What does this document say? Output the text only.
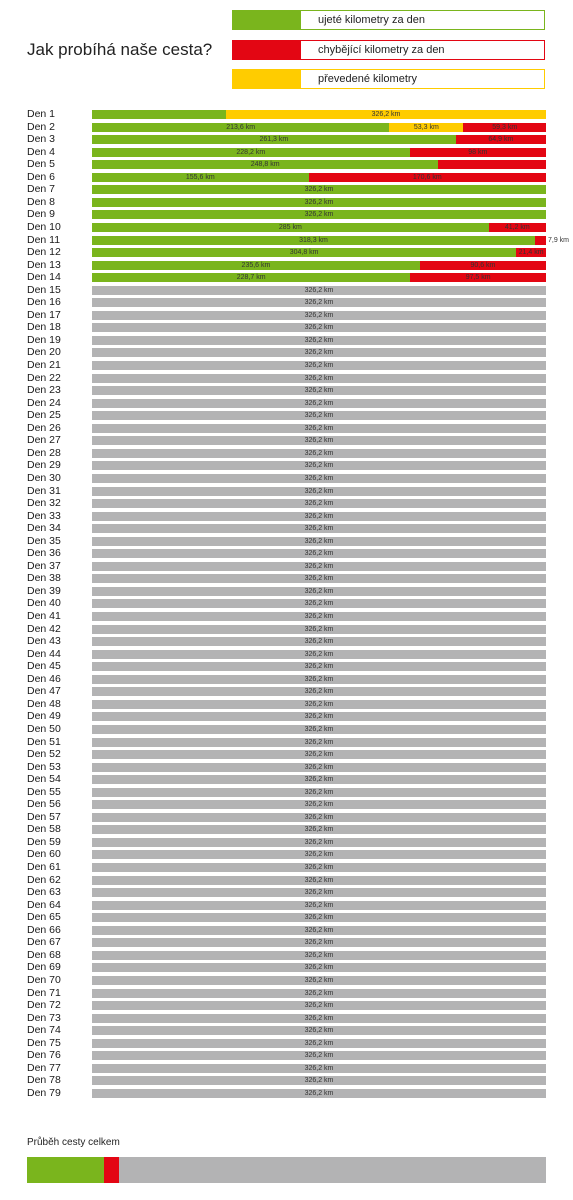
Jak probíhá naše cesta?
ujeté kilometry za den
chybějící kilometry za den
převedené kilometry
Den 1	326,2 km
Den 2	213,6 km	53,3 km	59,3 km
Den 3	261,3 km	64,9 km
Den 4	228,2 km	98 km
Den 5	248,8 km
Den 6	155,6 km	170,6 km
Den 7	326,2 km
Den 8	326,2 km
Den 9	326,2 km
Den 10	285 km	41,2 km
Den 11	318,3 km	7,9 km
Den 12	304,8 km	21,4 km
Den 13	235,6 km	90,6 km
Den 14	228,7 km	97,5 km
Den 15	326,2 km
Den 16	326,2 km
Den 17	326,2 km
Den 18	326,2 km
Den 19	326,2 km
Den 20	326,2 km
Den 21	326,2 km
Den 22	326,2 km
Den 23	326,2 km
Den 24	326,2 km
Den 25	326,2 km
Den 26	326,2 km
Den 27	326,2 km
Den 28	326,2 km
Den 29	326,2 km
Den 30	326,2 km
Den 31	326,2 km
Den 32	326,2 km
Den 33	326,2 km
Den 34	326,2 km
Den 35	326,2 km
Den 36	326,2 km
Den 37	326,2 km
Den 38	326,2 km
Den 39	326,2 km
Den 40	326,2 km
Den 41	326,2 km
Den 42	326,2 km
Den 43	326,2 km
Den 44	326,2 km
Den 45	326,2 km
Den 46	326,2 km
Den 47	326,2 km
Den 48	326,2 km
Den 49	326,2 km
Den 50	326,2 km
Den 51	326,2 km
Den 52	326,2 km
Den 53	326,2 km
Den 54	326,2 km
Den 55	326,2 km
Den 56	326,2 km
Den 57	326,2 km
Den 58	326,2 km
Den 59	326,2 km
Den 60	326,2 km
Den 61	326,2 km
Den 62	326,2 km
Den 63	326,2 km
Den 64	326,2 km
Den 65	326,2 km
Den 66	326,2 km
Den 67	326,2 km
Den 68	326,2 km
Den 69	326,2 km
Den 70	326,2 km
Den 71	326,2 km
Den 72	326,2 km
Den 73	326,2 km
Den 74	326,2 km
Den 75	326,2 km
Den 76	326,2 km
Den 77	326,2 km
Den 78	326,2 km
Den 79	326,2 km
Průběh cesty celkem
